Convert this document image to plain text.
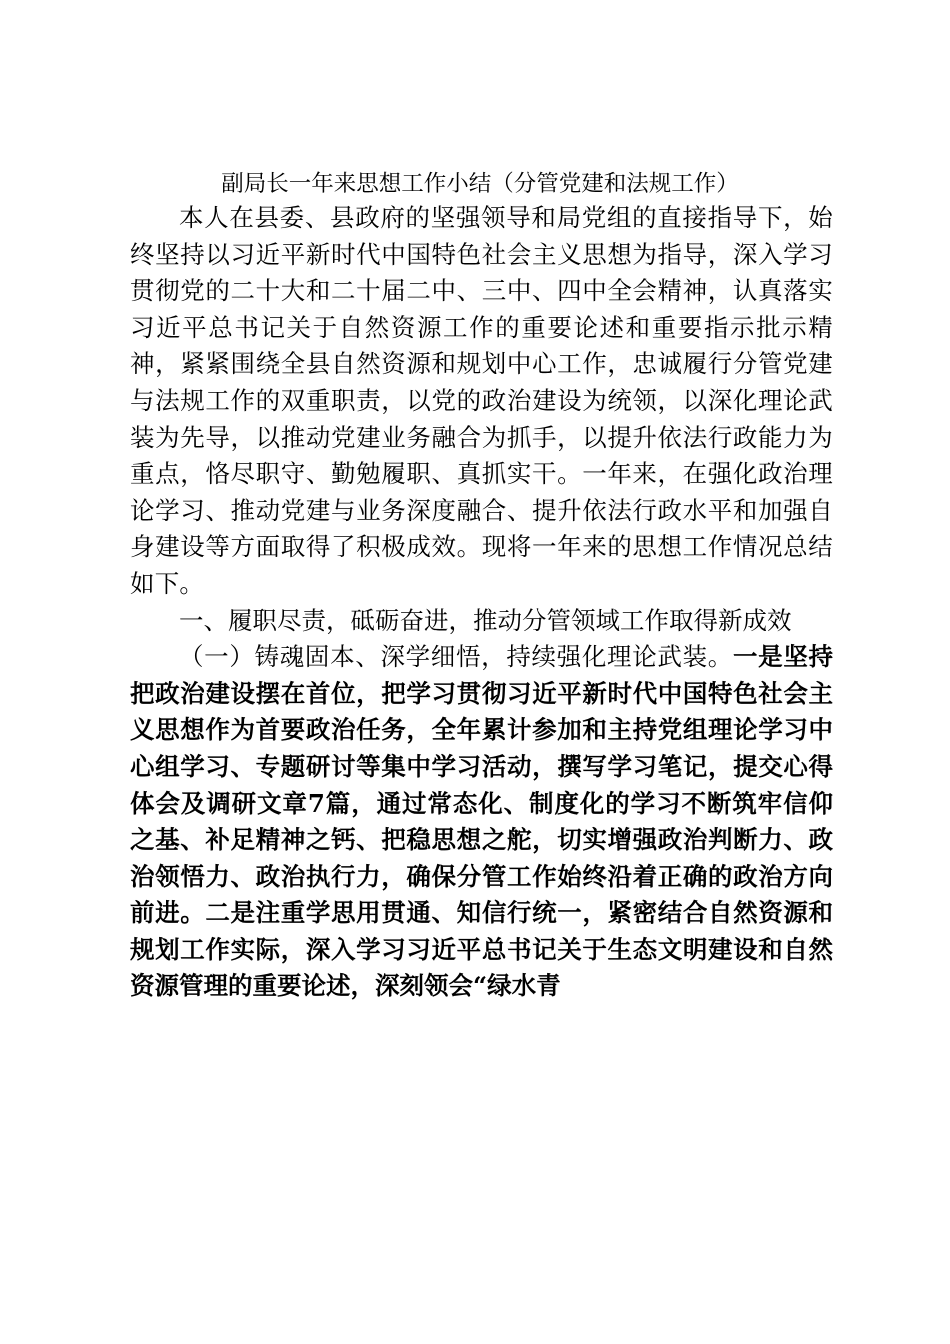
副局长一年来思想工作小结（分管党建和法规工作）

本人在县委、县政府的坚强领导和局党组的直接指导下，始终坚持以习近平新时代中国特色社会主义思想为指导，深入学习贯彻党的二十大和二十届二中、三中、四中全会精神，认真落实习近平总书记关于自然资源工作的重要论述和重要指示批示精神，紧紧围绕全县自然资源和规划中心工作，忠诚履行分管党建与法规工作的双重职责，以党的政治建设为统领，以深化理论武装为先导，以推动党建业务融合为抓手，以提升依法行政能力为重点，恪尽职守、勤勉履职、真抓实干。一年来，在强化政治理论学习、推动党建与业务深度融合、提升依法行政水平和加强自身建设等方面取得了积极成效。现将一年来的思想工作情况总结如下。

一、履职尽责，砥砺奋进，推动分管领域工作取得新成效

（一）铸魂固本、深学细悟，持续强化理论武装。一是坚持把政治建设摆在首位，把学习贯彻习近平新时代中国特色社会主义思想作为首要政治任务，全年累计参加和主持党组理论学习中心组学习、专题研讨等集中学习活动，撰写学习笔记，提交心得体会及调研文章7篇，通过常态化、制度化的学习不断筑牢信仰之基、补足精神之钙、把稳思想之舵，切实增强政治判断力、政治领悟力、政治执行力，确保分管工作始终沿着正确的政治方向前进。二是注重学思用贯通、知信行统一，紧密结合自然资源和规划工作实际，深入学习习近平总书记关于生态文明建设和自然资源管理的重要论述，深刻领会“绿水青
